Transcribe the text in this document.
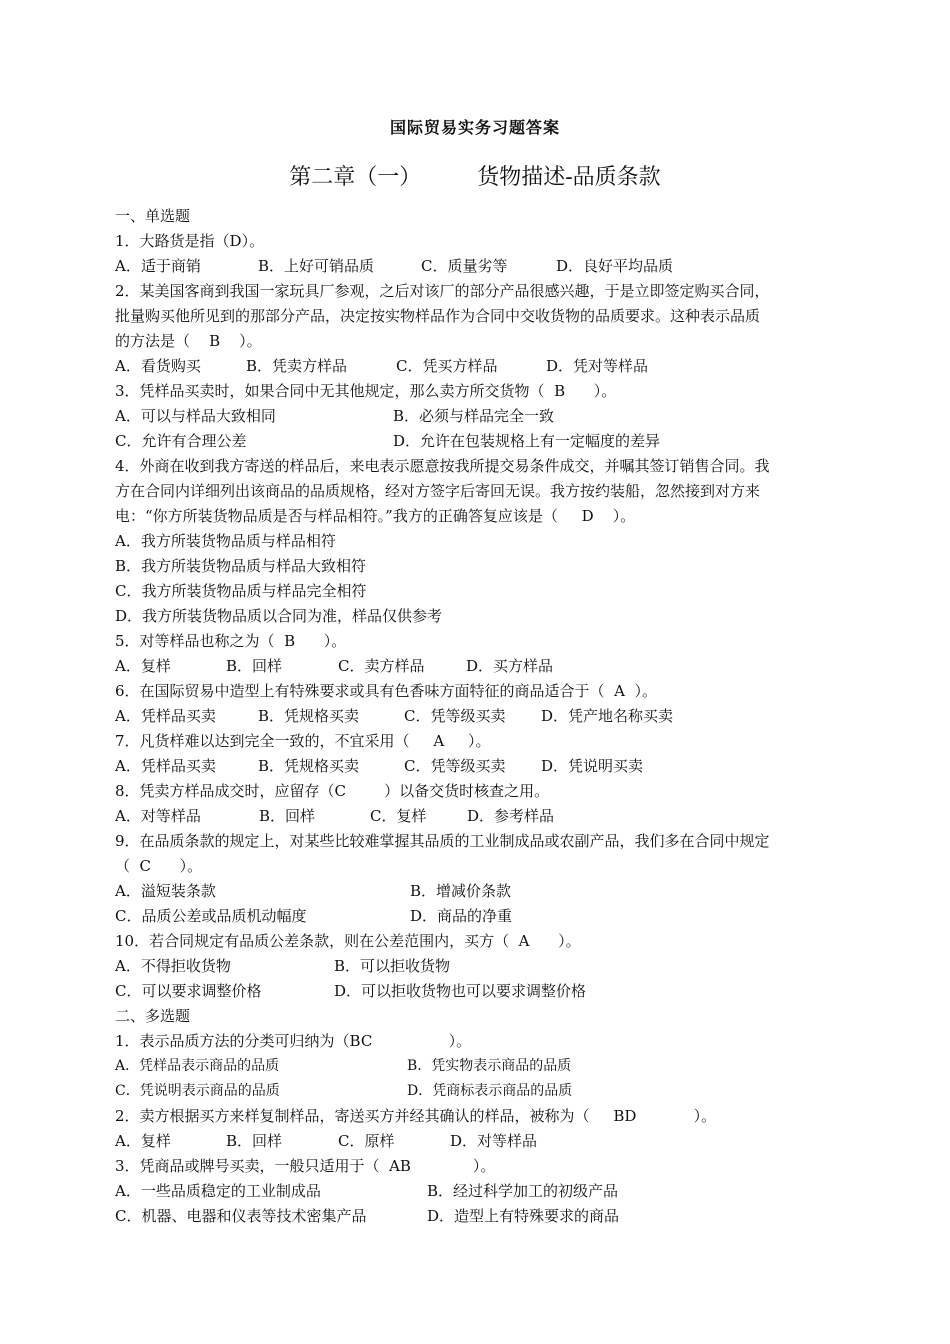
国际贸易实务习题答案
第二章（一）        货物描述-品质条款
一、单选题
1．大路货是指（D）。
A．适于商销	B．上好可销品质	C．质量劣等	D．良好平均品质
2．某美国客商到我国一家玩具厂参观，之后对该厂的部分产品很感兴趣，于是立即签定购买合同，
批量购买他所见到的那部分产品，决定按实物样品作为合同中交收货物的品质要求。这种表示品质
的方法是（    B    ）。
A．看货购买	B．凭卖方样品	C．凭买方样品	D．凭对等样品
3．凭样品买卖时，如果合同中无其他规定，那么卖方所交货物（  B      ）。
A．可以与样品大致相同	B．必须与样品完全一致
C．允许有合理公差	D．允许在包装规格上有一定幅度的差异
4．外商在收到我方寄送的样品后，来电表示愿意按我所提交易条件成交，并嘱其签订销售合同。我
方在合同内详细列出该商品的品质规格，经对方签字后寄回无误。我方按约装船，忽然接到对方来
电：“你方所装货物品质是否与样品相符。”我方的正确答复应该是（     D    ）。
A．我方所装货物品质与样品相符
B．我方所装货物品质与样品大致相符
C．我方所装货物品质与样品完全相符
D．我方所装货物品质以合同为准，样品仅供参考
5．对等样品也称之为（  B      ）。
A．复样	B．回样	C．卖方样品	D．买方样品
6．在国际贸易中造型上有特殊要求或具有色香味方面特征的商品适合于（  A  ）。
A．凭样品买卖	B．凭规格买卖	C．凭等级买卖 D．凭产地名称买卖
7．凡货样难以达到完全一致的，不宜采用（     A     ）。
A．凭样品买卖	B．凭规格买卖	C．凭等级买卖 D．凭说明买卖
8．凭卖方样品成交时，应留存（C        ）以备交货时核查之用。
A．对等样品	B．回样	C．复样	D．参考样品
9．在品质条款的规定上，对某些比较难掌握其品质的工业制成品或农副产品，我们多在合同中规定
（  C      ）。
A．溢短装条款	B．增减价条款
C．品质公差或品质机动幅度	D．商品的净重
10．若合同规定有品质公差条款，则在公差范围内，买方（  A      ）。
A．不得拒收货物	B．可以拒收货物
C．可以要求调整价格	D．可以拒收货物也可以要求调整价格
二、多选题
1．表示品质方法的分类可归纳为（BC                ）。
A．凭样品表示商品的品质	B．凭实物表示商品的品质
C．凭说明表示商品的品质	D．凭商标表示商品的品质
2．卖方根据买方来样复制样品，寄送买方并经其确认的样品，被称为（     BD            ）。
A．复样	B．回样	C．原样	D．对等样品
3．凭商品或牌号买卖，一般只适用于（  AB             ）。
A．一些品质稳定的工业制成品	B．经过科学加工的初级产品
C．机器、电器和仪表等技术密集产品	D．造型上有特殊要求的商品
